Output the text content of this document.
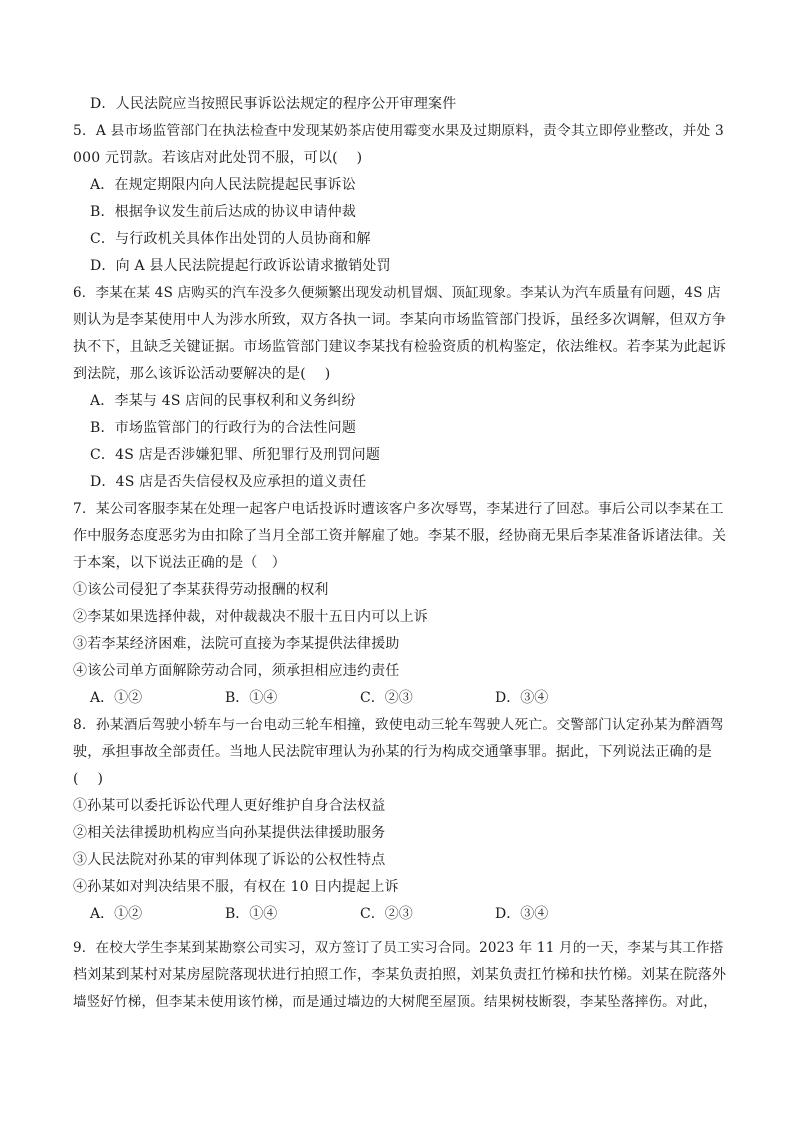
D．人民法院应当按照民事诉讼法规定的程序公开审理案件
5．A 县市场监管部门在执法检查中发现某奶茶店使用霉变水果及过期原料，责令其立即停业整改，并处 3
000 元罚款。若该店对此处罚不服，可以(　 )
A．在规定期限内向人民法院提起民事诉讼
B．根据争议发生前后达成的协议申请仲裁
C．与行政机关具体作出处罚的人员协商和解
D．向 A 县人民法院提起行政诉讼请求撤销处罚
6．李某在某 4S 店购买的汽车没多久便频繁出现发动机冒烟、顶缸现象。李某认为汽车质量有问题，4S 店
则认为是李某使用中人为涉水所致，双方各执一词。李某向市场监管部门投诉，虽经多次调解，但双方争
执不下，且缺乏关键证据。市场监管部门建议李某找有检验资质的机构鉴定，依法维权。若李某为此起诉
到法院，那么该诉讼活动要解决的是(　 )
A．李某与 4S 店间的民事权利和义务纠纷
B．市场监管部门的行政行为的合法性问题
C．4S 店是否涉嫌犯罪、所犯罪行及刑罚问题
D．4S 店是否失信侵权及应承担的道义责任
7．某公司客服李某在处理一起客户电话投诉时遭该客户多次辱骂，李某进行了回怼。事后公司以李某在工
作中服务态度恶劣为由扣除了当月全部工资并解雇了她。李某不服，经协商无果后李某准备诉诸法律。关
于本案，以下说法正确的是（　）
①该公司侵犯了李某获得劳动报酬的权利
②李某如果选择仲裁，对仲裁裁决不服十五日内可以上诉
③若李某经济困难，法院可直接为李某提供法律援助
④该公司单方面解除劳动合同，须承担相应违约责任
A．①②	B．①④	C．②③	D．③④
8．孙某酒后驾驶小轿车与一台电动三轮车相撞，致使电动三轮车驾驶人死亡。交警部门认定孙某为醉酒驾
驶，承担事故全部责任。当地人民法院审理认为孙某的行为构成交通肇事罪。据此，下列说法正确的是
(　 )
①孙某可以委托诉讼代理人更好维护自身合法权益
②相关法律援助机构应当向孙某提供法律援助服务
③人民法院对孙某的审判体现了诉讼的公权性特点
④孙某如对判决结果不服，有权在 10 日内提起上诉
A．①②	B．①④	C．②③	D．③④
9．在校大学生李某到某勘察公司实习，双方签订了员工实习合同。2023 年 11 月的一天，李某与其工作搭
档刘某到某村对某房屋院落现状进行拍照工作，李某负责拍照，刘某负责扛竹梯和扶竹梯。刘某在院落外
墙竖好竹梯，但李某未使用该竹梯，而是通过墙边的大树爬至屋顶。结果树枝断裂，李某坠落摔伤。对此，
